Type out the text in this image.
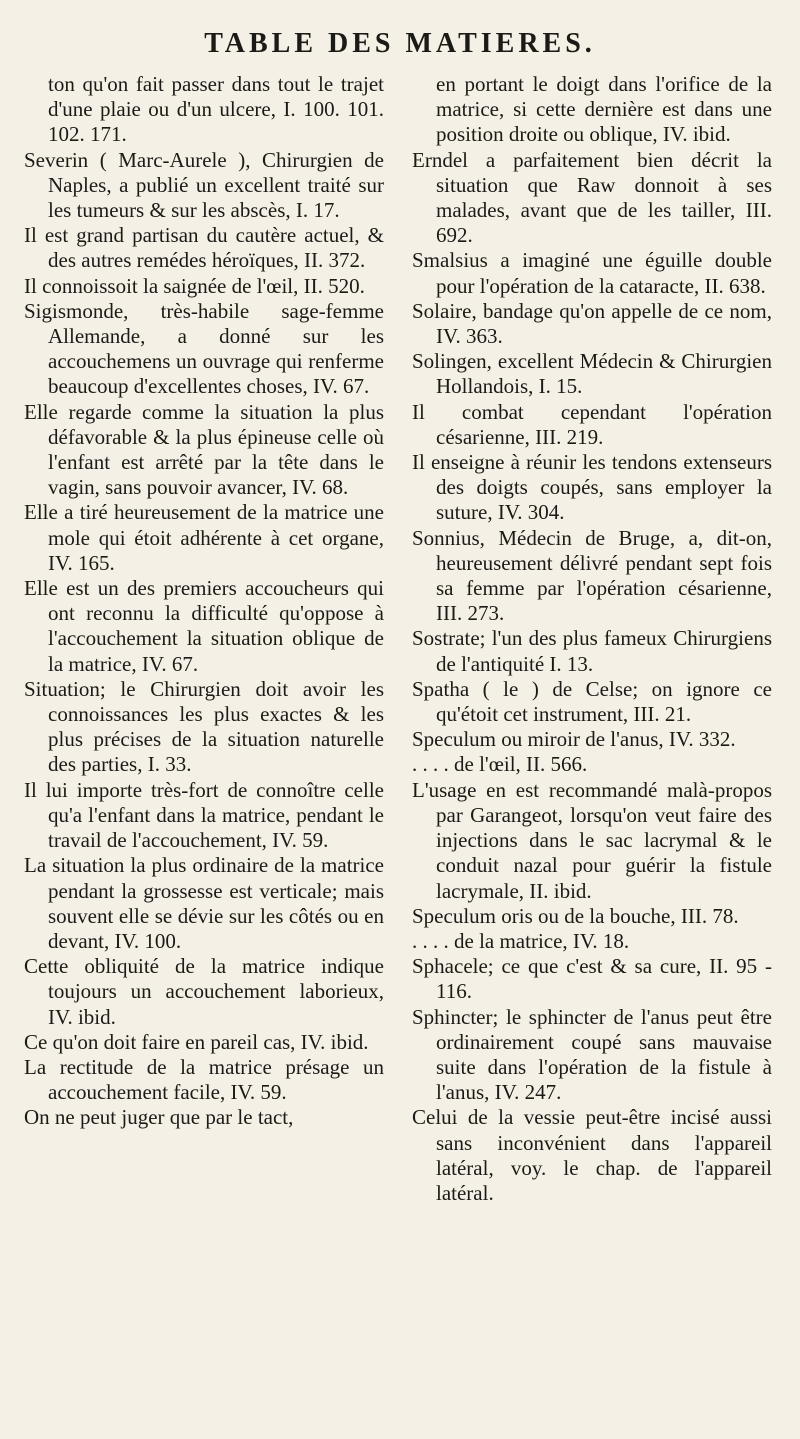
TABLE DES MATIERES.
ton qu'on fait passer dans tout le trajet d'une plaie ou d'un ulcere, I. 100. 101. 102. 171.
Severin ( Marc-Aurele ), Chirurgien de Naples, a publié un excellent traité sur les tumeurs & sur les abscès, I. 17.
Il est grand partisan du cautère actuel, & des autres remédes héroïques, II. 372.
Il connoissoit la saignée de l'œil, II. 520.
Sigismonde, très-habile sage-femme Allemande, a donné sur les accouchemens un ouvrage qui renferme beaucoup d'excellentes choses, IV. 67.
Elle regarde comme la situation la plus défavorable & la plus épineuse celle où l'enfant est arrêté par la tête dans le vagin, sans pouvoir avancer, IV. 68.
Elle a tiré heureusement de la matrice une mole qui étoit adhérente à cet organe, IV. 165.
Elle est un des premiers accoucheurs qui ont reconnu la difficulté qu'oppose à l'accouchement la situation oblique de la matrice, IV. 67.
Situation; le Chirurgien doit avoir les connoissances les plus exactes & les plus précises de la situation naturelle des parties, I. 33.
Il lui importe très-fort de connoître celle qu'a l'enfant dans la matrice, pendant le travail de l'accouchement, IV. 59.
La situation la plus ordinaire de la matrice pendant la grossesse est verticale; mais souvent elle se dévie sur les côtés ou en devant, IV. 100.
Cette obliquité de la matrice indique toujours un accouchement laborieux, IV. ibid.
Ce qu'on doit faire en pareil cas, IV. ibid.
La rectitude de la matrice présage un accouchement facile, IV. 59.
On ne peut juger que par le tact,
en portant le doigt dans l'orifice de la matrice, si cette dernière est dans une position droite ou oblique, IV. ibid.
Erndel a parfaitement bien décrit la situation que Raw donnoit à ses malades, avant que de les tailler, III. 692.
Smalsius a imaginé une éguille double pour l'opération de la cataracte, II. 638.
Solaire, bandage qu'on appelle de ce nom, IV. 363.
Solingen, excellent Médecin & Chirurgien Hollandois, I. 15.
Il combat cependant l'opération césarienne, III. 219.
Il enseigne à réunir les tendons extenseurs des doigts coupés, sans employer la suture, IV. 304.
Sonnius, Médecin de Bruge, a, dit-on, heureusement délivré pendant sept fois sa femme par l'opération césarienne, III. 273.
Sostrate; l'un des plus fameux Chirurgiens de l'antiquité I. 13.
Spatha ( le ) de Celse; on ignore ce qu'étoit cet instrument, III. 21.
Speculum ou miroir de l'anus, IV. 332.
. . . . de l'œil, II. 566.
L'usage en est recommandé malà-propos par Garangeot, lorsqu'on veut faire des injections dans le sac lacrymal & le conduit nazal pour guérir la fistule lacrymale, II. ibid.
Speculum oris ou de la bouche, III. 78.
. . . . de la matrice, IV. 18.
Sphacele; ce que c'est & sa cure, II. 95 - 116.
Sphincter; le sphincter de l'anus peut être ordinairement coupé sans mauvaise suite dans l'opération de la fistule à l'anus, IV. 247.
Celui de la vessie peut-être incisé aussi sans inconvénient dans l'appareil latéral, voy. le chap. de l'appareil latéral.
